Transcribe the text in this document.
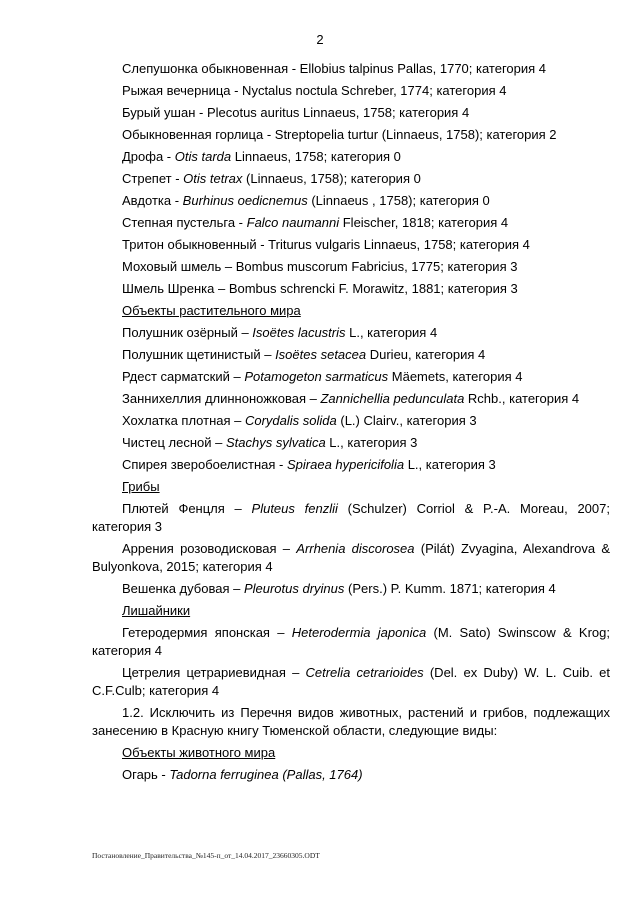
2

Слепушонка обыкновенная - Ellobius talpinus Pallas, 1770; категория 4

Рыжая вечерница - Nyctalus noctula Schreber, 1774; категория 4

Бурый ушан - Plecotus auritus Linnaeus, 1758; категория 4

Обыкновенная горлица - Streptopelia turtur (Linnaeus, 1758); категория 2

Дрофа - Otis tarda Linnaeus, 1758; категория 0

Стрепет - Otis tetrax (Linnaeus, 1758); категория 0

Авдотка - Burhinus oedicnemus (Linnaeus , 1758); категория 0

Степная пустельга - Falco naumanni Fleischer, 1818; категория 4

Тритон обыкновенный - Triturus vulgaris Linnaeus, 1758; категория 4

Моховый шмель – Bombus muscorum Fabricius, 1775; категория 3

Шмель Шренка – Bombus schrencki F. Morawitz, 1881; категория 3

Объекты растительного мира

Полушник озёрный – Isoëtes lacustris L., категория 4

Полушник щетинистый – Isoëtes setacea Durieu, категория 4

Рдест сарматский – Potamogeton sarmaticus Mäemets, категория 4

Заннихеллия длинноножковая – Zannichellia pedunculata Rchb., категория 4

Хохлатка плотная – Corydalis solida (L.) Clairv., категория 3

Чистец лесной – Stachys sylvatica L., категория 3

Спирея зверобоелистная - Spiraea hypericifolia L., категория 3

Грибы

Плютей Фенцля – Pluteus fenzlii (Schulzer) Corriol & P.-A. Moreau, 2007; категория 3

Аррения розоводисковая – Arrhenia discorosea (Pilát) Zvyagina, Alexandrova & Bulyonkova, 2015; категория 4

Вешенка дубовая – Pleurotus dryinus (Pers.) P. Kumm. 1871; категория 4

Лишайники

Гетеродермия японская – Heterodermia japonica (M. Sato) Swinscow & Krog; категория 4

Цетрелия цетрариевидная – Cetrelia cetrarioides (Del. ex Duby) W. L. Cuib. et C.F.Culb; категория 4

1.2. Исключить из Перечня видов животных, растений и грибов, подлежащих занесению в Красную книгу Тюменской области, следующие виды:

Объекты животного мира

Огарь - Tadorna ferruginea (Pallas, 1764)

Постановление_Правительства_№145-п_от_14.04.2017_23660305.ODT
